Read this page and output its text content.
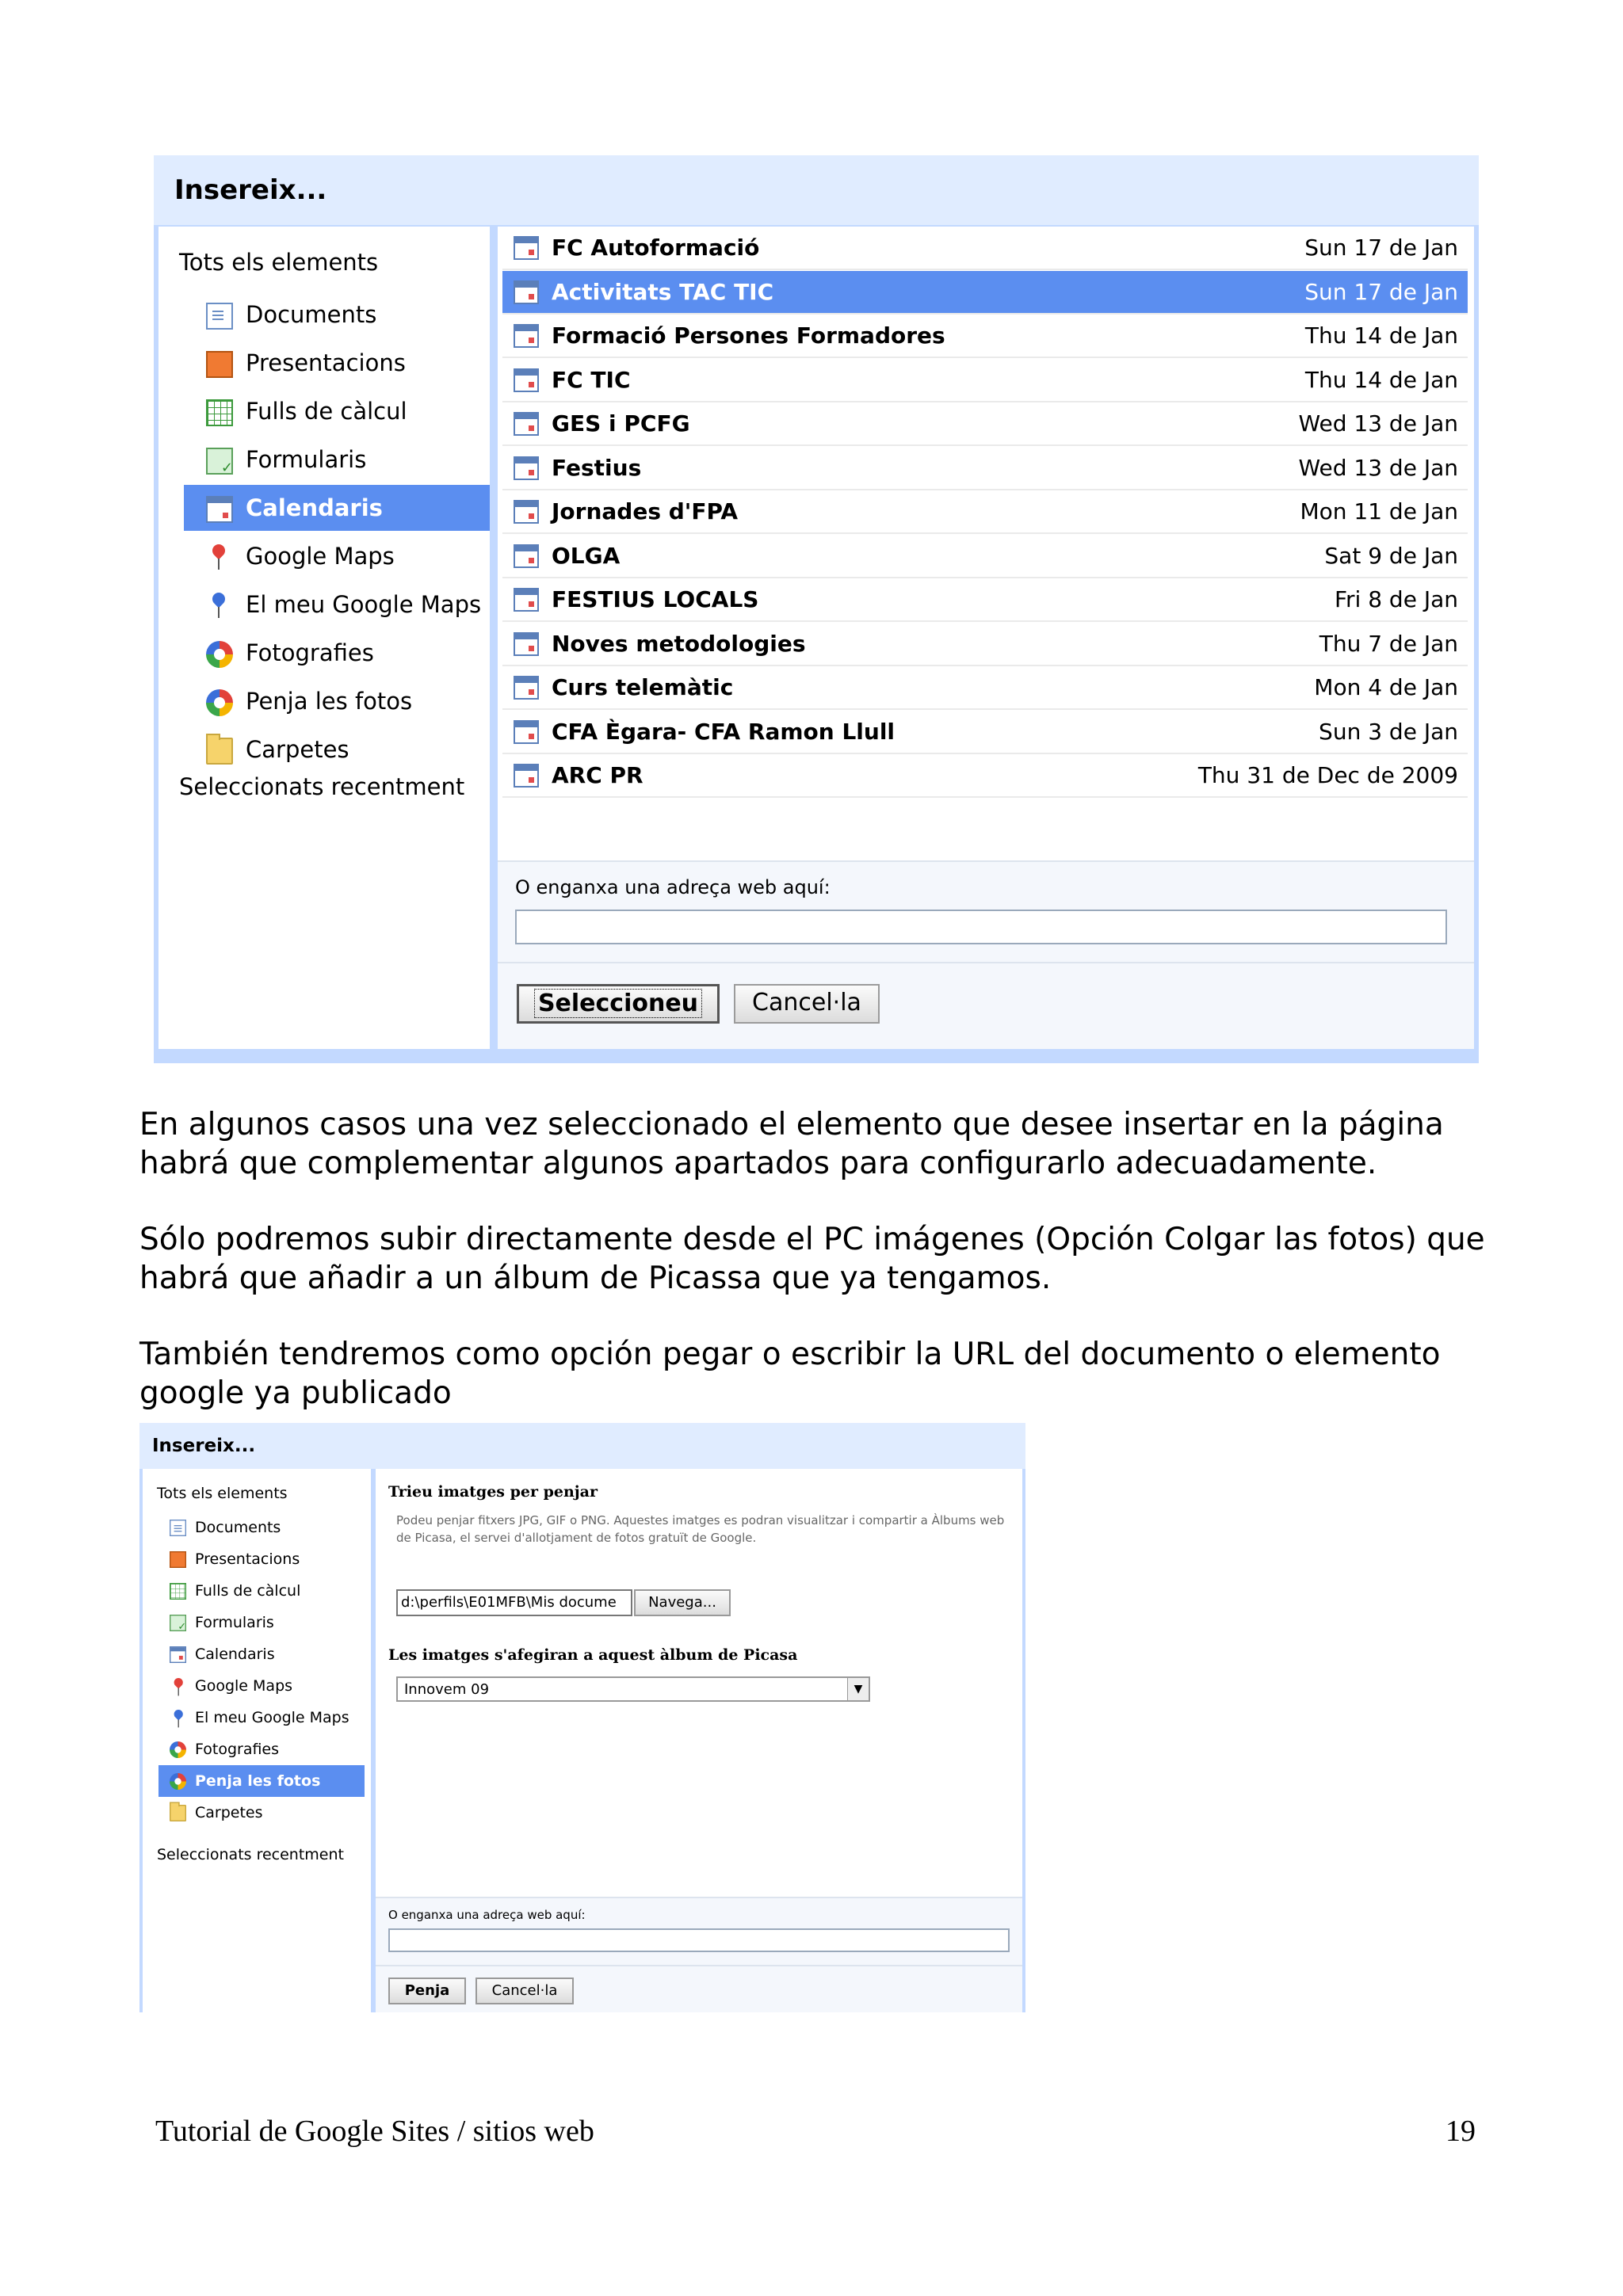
Insereix...
Tots els elements
Documents
Presentacions
Fulls de càlcul
✓
Formularis
Calendaris
Google Maps
El meu Google Maps
Fotografies
Penja les fotos
Carpetes
Seleccionats recentment
FC Autoformació	Sun 17 de Jan
Activitats TAC TIC	Sun 17 de Jan
Formació Persones Formadores	Thu 14 de Jan
FC TIC	Thu 14 de Jan
GES i PCFG	Wed 13 de Jan
Festius	Wed 13 de Jan
Jornades d'FPA	Mon 11 de Jan
OLGA	Sat 9 de Jan
FESTIUS LOCALS	Fri 8 de Jan
Noves metodologies	Thu 7 de Jan
Curs telemàtic	Mon 4 de Jan
CFA Ègara- CFA Ramon Llull	Sun 3 de Jan
ARC PR	Thu 31 de Dec de 2009
O enganxa una adreça web aquí:
Seleccioneu	Cancel·la
En algunos casos una vez seleccionado el elemento que desee insertar en la página habrá que complementar algunos apartados para configurarlo adecuadamente.
Sólo podremos subir directamente desde el PC imágenes (Opción Colgar las fotos) que habrá que añadir a un álbum de Picassa que ya tengamos.
También tendremos como opción pegar o escribir la URL del documento o elemento google ya publicado
Insereix...
Tots els elements
Documents
Presentacions
Fulls de càlcul
✓
Formularis
Calendaris
Google Maps
El meu Google Maps
Fotografies
Penja les fotos
Carpetes
Seleccionats recentment
Trieu imatges per penjar
Podeu penjar fitxers JPG, GIF o PNG. Aquestes imatges es podran visualitzar i compartir a Àlbums web de Picasa, el servei d'allotjament de fotos gratuït de Google.
d:\perfils\E01MFB\Mis docume	Navega...
Les imatges s'afegiran a aquest àlbum de Picasa
Innovem 09	▼
O enganxa una adreça web aquí:
Penja	Cancel·la
Tutorial de Google Sites / sitios web	19
